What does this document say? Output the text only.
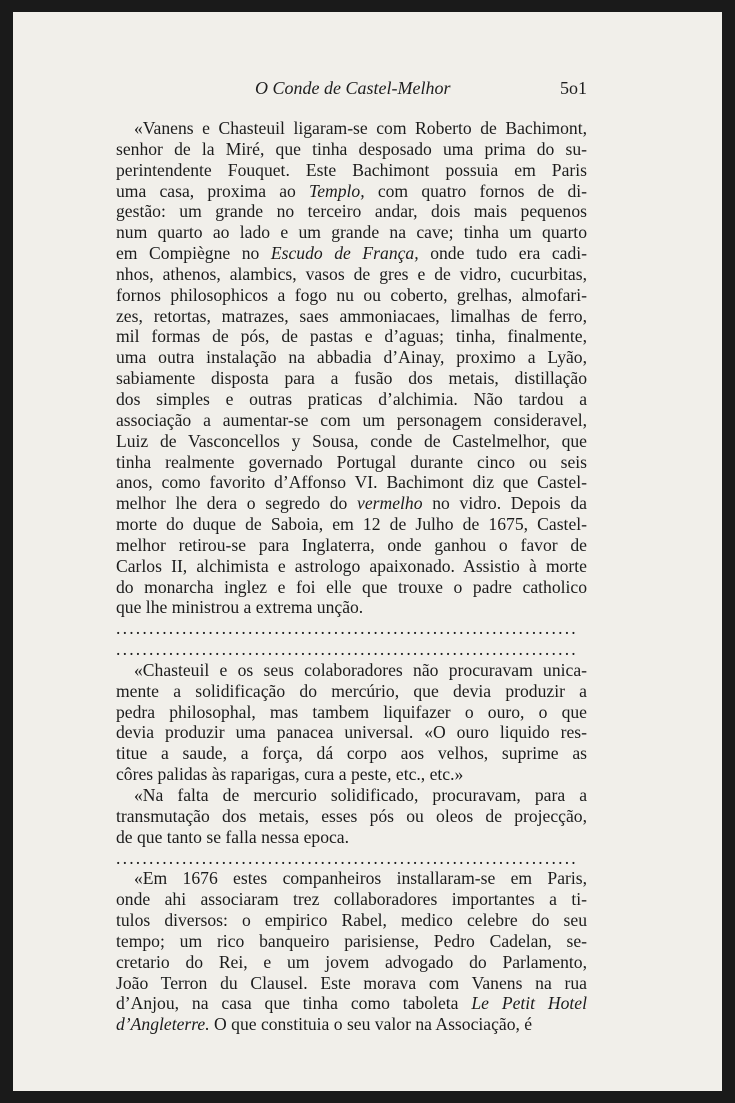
O Conde de Castel-Melhor	5o1
«Vanens e Chasteuil ligaram-se com Roberto de Bachimont,
senhor de la Miré, que tinha desposado uma prima do su-
perintendente Fouquet. Este Bachimont possuia em Paris
uma casa, proxima ao Templo, com quatro fornos de di-
gestão: um grande no terceiro andar, dois mais pequenos
num quarto ao lado e um grande na cave; tinha um quarto
em Compiègne no Escudo de França, onde tudo era cadi-
nhos, athenos, alambics, vasos de gres e de vidro, cucurbitas,
fornos philosophicos a fogo nu ou coberto, grelhas, almofari-
zes, retortas, matrazes, saes ammoniacaes, limalhas de ferro,
mil formas de pós, de pastas e d’aguas; tinha, finalmente,
uma outra instalação na abbadia d’Ainay, proximo a Lyão,
sabiamente disposta para a fusão dos metais, distillação
dos simples e outras praticas d’alchimia. Não tardou a
associação a aumentar-se com um personagem consideravel,
Luiz de Vasconcellos y Sousa, conde de Castelmelhor, que
tinha realmente governado Portugal durante cinco ou seis
anos, como favorito d’Affonso VI. Bachimont diz que Castel-
melhor lhe dera o segredo do vermelho no vidro. Depois da
morte do duque de Saboia, em 12 de Julho de 1675, Castel-
melhor retirou-se para Inglaterra, onde ganhou o favor de
Carlos II, alchimista e astrologo apaixonado. Assistio à morte
do monarcha inglez e foi elle que trouxe o padre catholico
que lhe ministrou a extrema unção.
......................................................................
......................................................................
«Chasteuil e os seus colaboradores não procuravam unica-
mente a solidificação do mercúrio, que devia produzir a
pedra philosophal, mas tambem liquifazer o ouro, o que
devia produzir uma panacea universal. «O ouro liquido res-
titue a saude, a força, dá corpo aos velhos, suprime as
côres palidas às raparigas, cura a peste, etc., etc.»
«Na falta de mercurio solidificado, procuravam, para a
transmutação dos metais, esses pós ou oleos de projecção,
de que tanto se falla nessa epoca.
......................................................................
«Em 1676 estes companheiros installaram-se em Paris,
onde ahi associaram trez collaboradores importantes a ti-
tulos diversos: o empirico Rabel, medico celebre do seu
tempo; um rico banqueiro parisiense, Pedro Cadelan, se-
cretario do Rei, e um jovem advogado do Parlamento,
João Terron du Clausel. Este morava com Vanens na rua
d’Anjou, na casa que tinha como taboleta Le Petit Hotel
d’Angleterre. O que constituia o seu valor na Associação, é
